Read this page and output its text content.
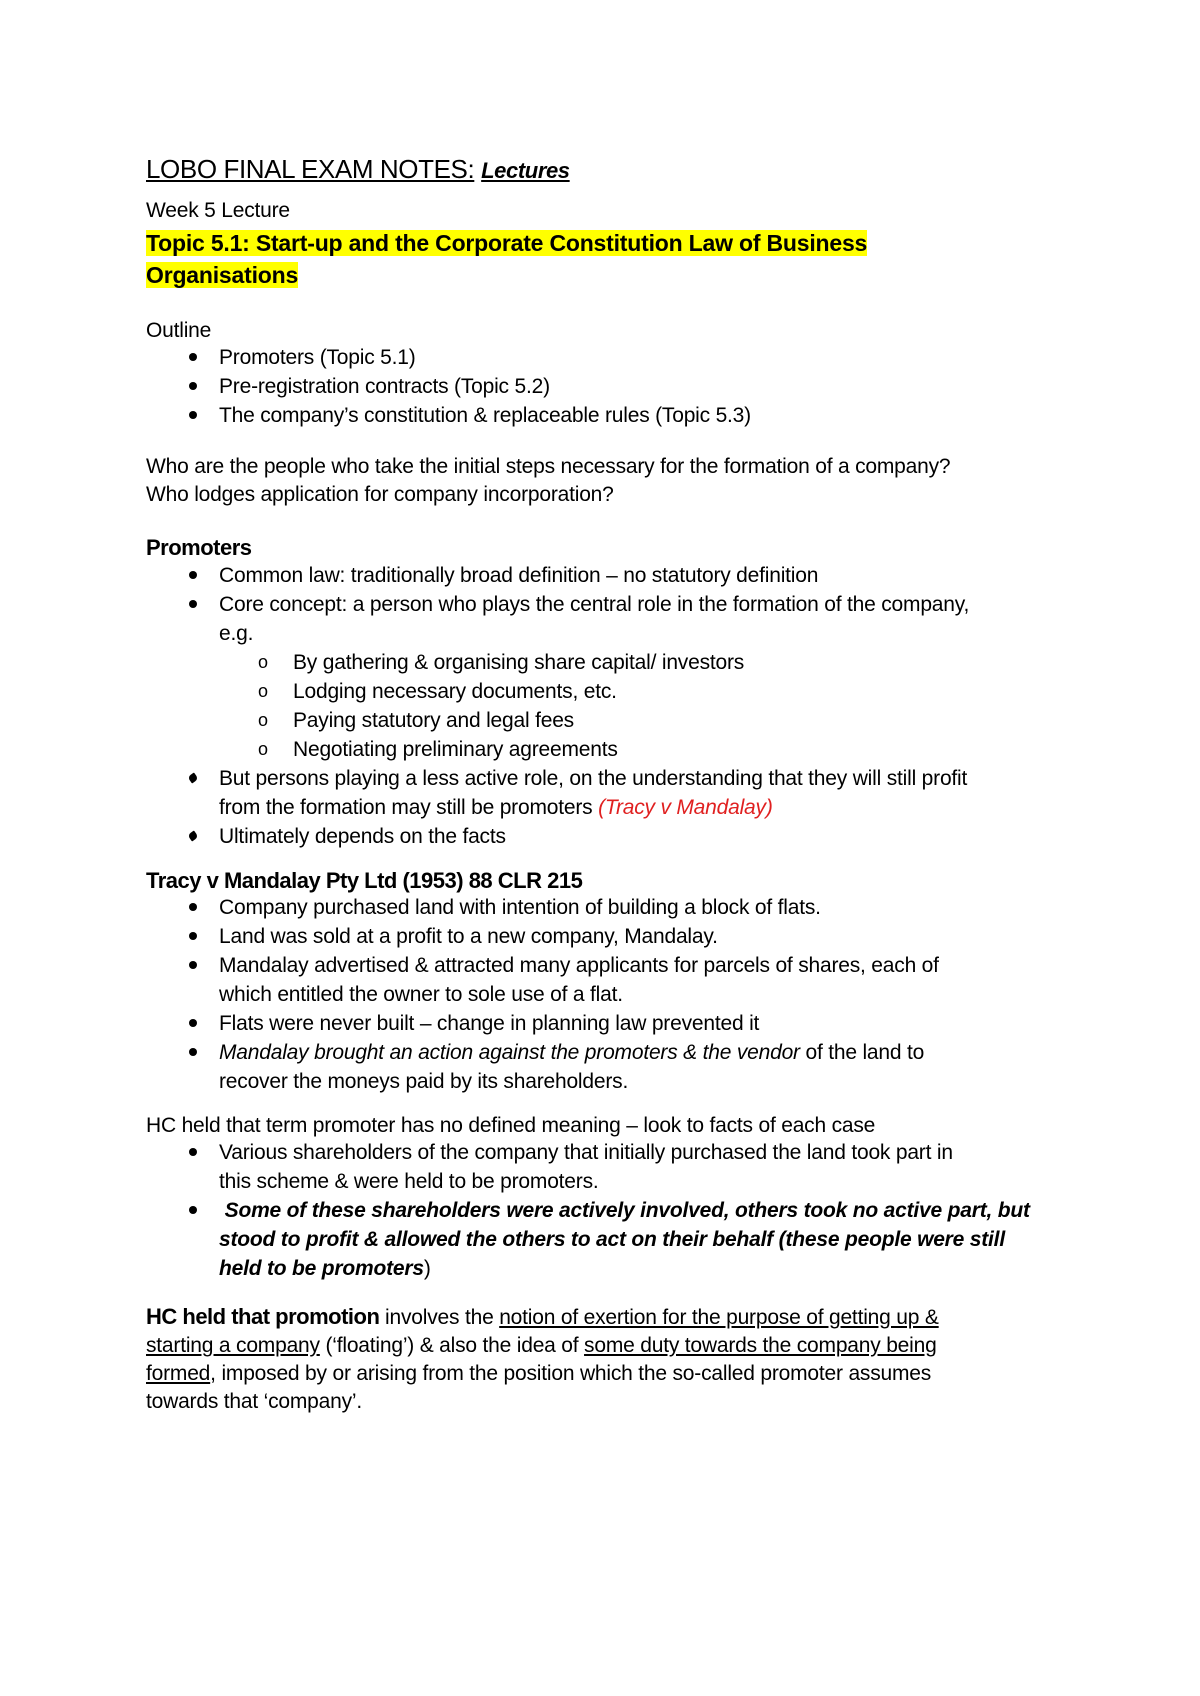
LOBO FINAL EXAM NOTES: Lectures
Week 5 Lecture
Topic 5.1: Start-up and the Corporate Constitution Law of Business
Organisations
Outline
Promoters (Topic 5.1)
Pre-registration contracts (Topic 5.2)
The company’s constitution & replaceable rules (Topic 5.3)
Who are the people who take the initial steps necessary for the formation of a company?
Who lodges application for company incorporation?
Promoters
Common law: traditionally broad definition – no statutory definition
Core concept: a person who plays the central role in the formation of the company,
e.g.
o By gathering & organising share capital/ investors
o Lodging necessary documents, etc.
o Paying statutory and legal fees
o Negotiating preliminary agreements
But persons playing a less active role, on the understanding that they will still profit
from the formation may still be promoters (Tracy v Mandalay)
Ultimately depends on the facts
Tracy v Mandalay Pty Ltd (1953) 88 CLR 215
Company purchased land with intention of building a block of flats.
Land was sold at a profit to a new company, Mandalay.
Mandalay advertised & attracted many applicants for parcels of shares, each of
which entitled the owner to sole use of a flat.
Flats were never built – change in planning law prevented it
Mandalay brought an action against the promoters & the vendor of the land to
recover the moneys paid by its shareholders.
HC held that term promoter has no defined meaning – look to facts of each case
Various shareholders of the company that initially purchased the land took part in
this scheme & were held to be promoters.
Some of these shareholders were actively involved, others took no active part, but
stood to profit & allowed the others to act on their behalf (these people were still
held to be promoters)
HC held that promotion involves the notion of exertion for the purpose of getting up &
starting a company (‘floating’) & also the idea of some duty towards the company being
formed, imposed by or arising from the position which the so-called promoter assumes
towards that ‘company’.
